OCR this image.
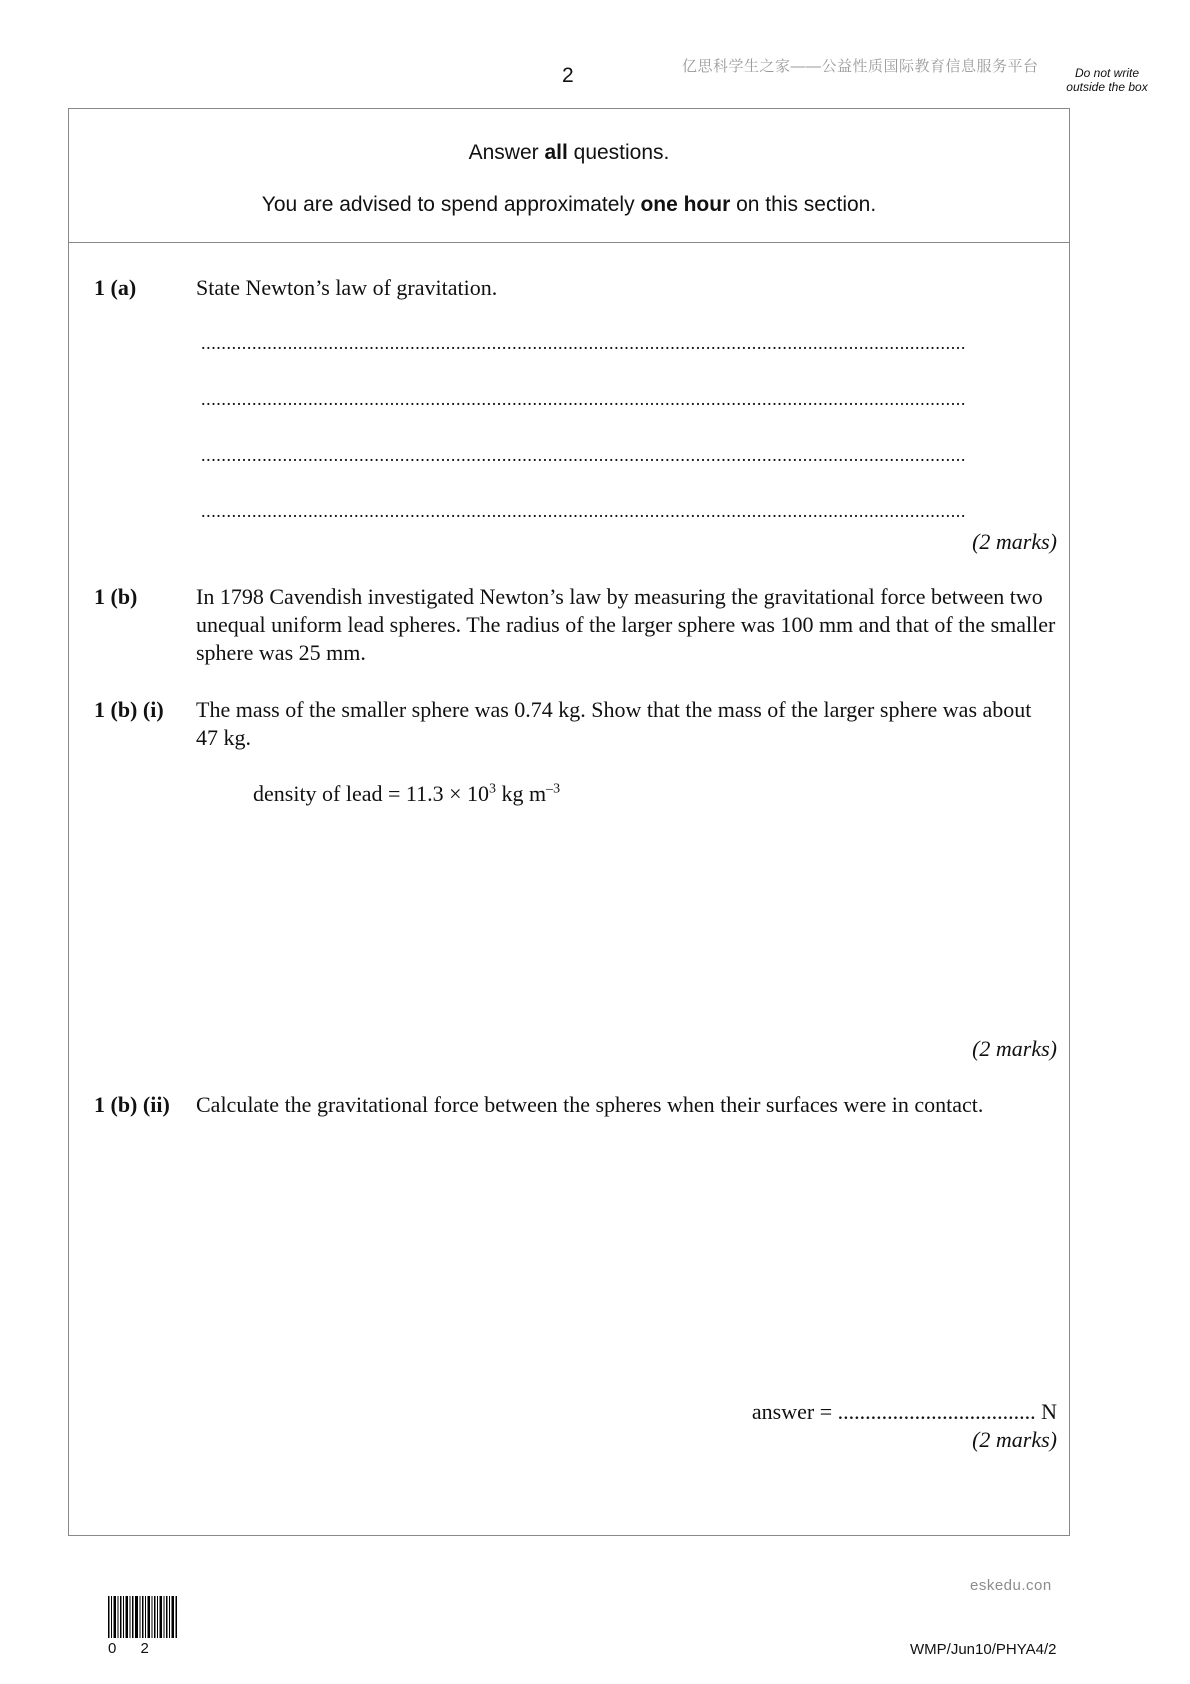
2	亿思科学生之家——公益性质国际教育信息服务平台	Do not write outside the box
Answer all questions.
You are advised to spend approximately one hour on this section.
1 (a)	State Newton’s law of gravitation.
......................................................................................................................................................
......................................................................................................................................................
......................................................................................................................................................
......................................................................................................................................................
(2 marks)
1 (b)	In 1798 Cavendish investigated Newton’s law by measuring the gravitational force between two unequal uniform lead spheres. The radius of the larger sphere was 100 mm and that of the smaller sphere was 25 mm.
1 (b) (i) The mass of the smaller sphere was 0.74 kg. Show that the mass of the larger sphere was about 47 kg.
density of lead = $11.3 \times 10^3$ kg $m^{-3}$
(2 marks)
1 (b) (ii) Calculate the gravitational force between the spheres when their surfaces were in contact.
answer = .................................... N
(2 marks)
eskedu.con
0 2	WMP/Jun10/PHYA4/2
